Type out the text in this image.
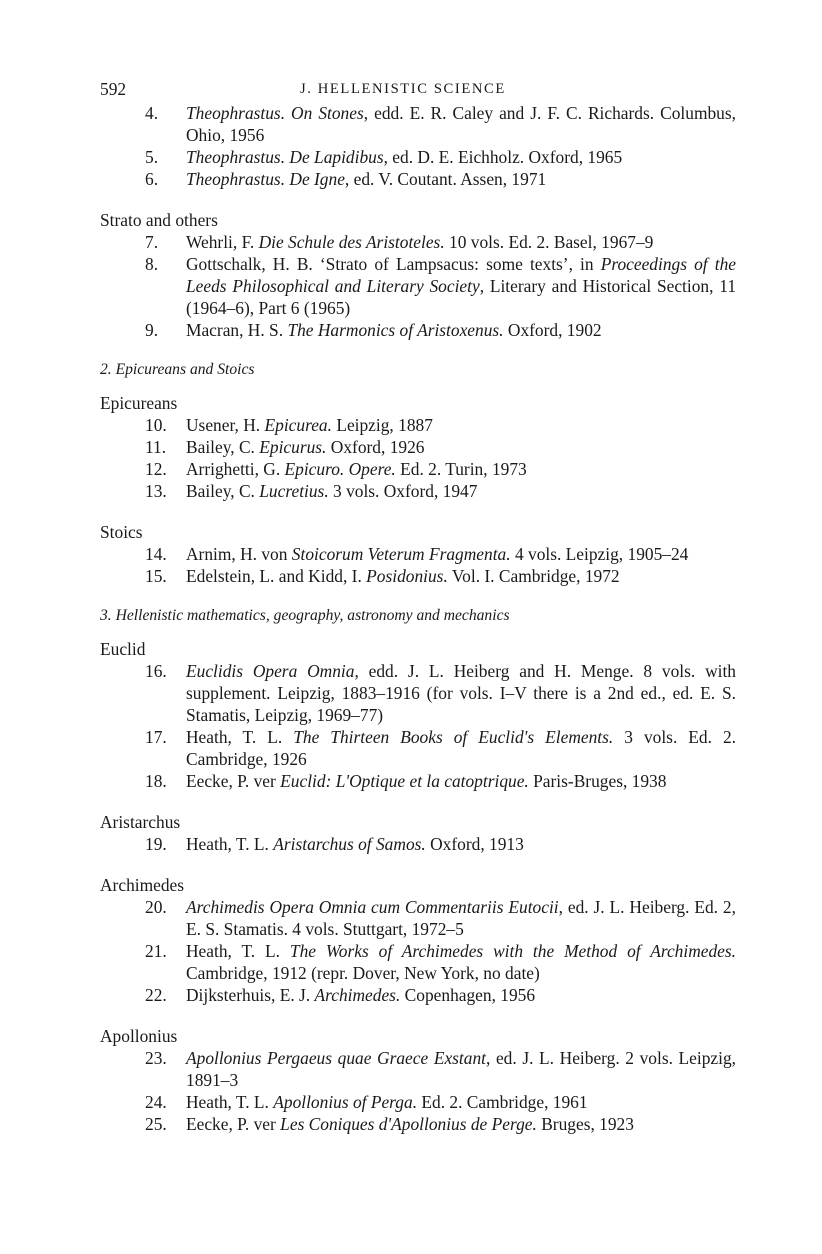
592	J. HELLENISTIC SCIENCE
4. Theophrastus. On Stones, edd. E. R. Caley and J. F. C. Richards. Columbus, Ohio, 1956
5. Theophrastus. De Lapidibus, ed. D. E. Eichholz. Oxford, 1965
6. Theophrastus. De Igne, ed. V. Coutant. Assen, 1971
Strato and others
7. Wehrli, F. Die Schule des Aristoteles. 10 vols. Ed. 2. Basel, 1967–9
8. Gottschalk, H. B. ‘Strato of Lampsacus: some texts’, in Proceedings of the Leeds Philosophical and Literary Society, Literary and Historical Section, 11 (1964–6), Part 6 (1965)
9. Macran, H. S. The Harmonics of Aristoxenus. Oxford, 1902
2. Epicureans and Stoics
Epicureans
10. Usener, H. Epicurea. Leipzig, 1887
11. Bailey, C. Epicurus. Oxford, 1926
12. Arrighetti, G. Epicuro. Opere. Ed. 2. Turin, 1973
13. Bailey, C. Lucretius. 3 vols. Oxford, 1947
Stoics
14. Arnim, H. von Stoicorum Veterum Fragmenta. 4 vols. Leipzig, 1905–24
15. Edelstein, L. and Kidd, I. Posidonius. Vol. I. Cambridge, 1972
3. Hellenistic mathematics, geography, astronomy and mechanics
Euclid
16. Euclidis Opera Omnia, edd. J. L. Heiberg and H. Menge. 8 vols. with supplement. Leipzig, 1883–1916 (for vols. I–V there is a 2nd ed., ed. E. S. Stamatis, Leipzig, 1969–77)
17. Heath, T. L. The Thirteen Books of Euclid's Elements. 3 vols. Ed. 2. Cambridge, 1926
18. Eecke, P. ver Euclid: L'Optique et la catoptrique. Paris-Bruges, 1938
Aristarchus
19. Heath, T. L. Aristarchus of Samos. Oxford, 1913
Archimedes
20. Archimedis Opera Omnia cum Commentariis Eutocii, ed. J. L. Heiberg. Ed. 2, E. S. Stamatis. 4 vols. Stuttgart, 1972–5
21. Heath, T. L. The Works of Archimedes with the Method of Archimedes. Cambridge, 1912 (repr. Dover, New York, no date)
22. Dijksterhuis, E. J. Archimedes. Copenhagen, 1956
Apollonius
23. Apollonius Pergaeus quae Graece Exstant, ed. J. L. Heiberg. 2 vols. Leipzig, 1891–3
24. Heath, T. L. Apollonius of Perga. Ed. 2. Cambridge, 1961
25. Eecke, P. ver Les Coniques d'Apollonius de Perge. Bruges, 1923
